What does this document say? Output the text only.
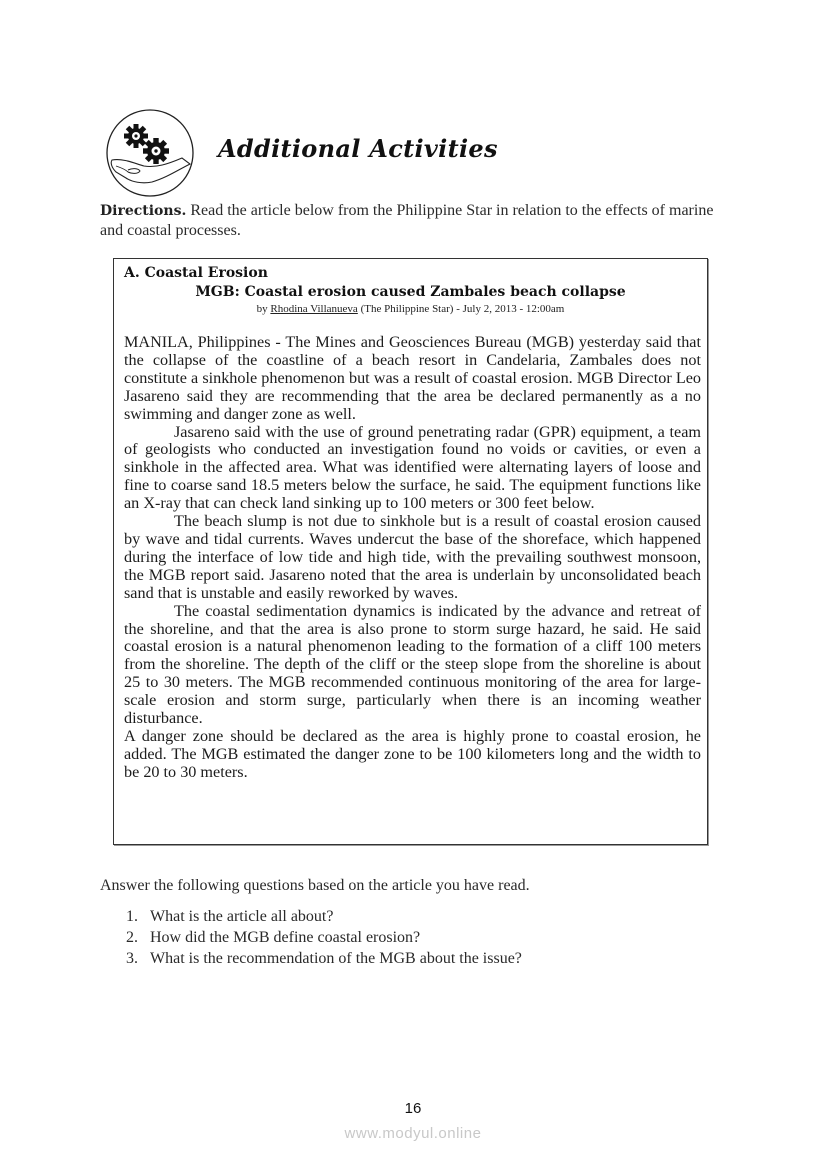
Additional Activities
Directions. Read the article below from the Philippine Star in relation to the effects of marine and coastal processes.
A. Coastal Erosion
MGB: Coastal erosion caused Zambales beach collapse
by Rhodina Villanueva (The Philippine Star) - July 2, 2013 - 12:00am

MANILA, Philippines - The Mines and Geosciences Bureau (MGB) yesterday said that the collapse of the coastline of a beach resort in Candelaria, Zambales does not constitute a sinkhole phenomenon but was a result of coastal erosion. MGB Director Leo Jasareno said they are recommending that the area be declared permanently as a no swimming and danger zone as well.

Jasareno said with the use of ground penetrating radar (GPR) equipment, a team of geologists who conducted an investigation found no voids or cavities, or even a sinkhole in the affected area. What was identified were alternating layers of loose and fine to coarse sand 18.5 meters below the surface, he said. The equipment functions like an X-ray that can check land sinking up to 100 meters or 300 feet below.

The beach slump is not due to sinkhole but is a result of coastal erosion caused by wave and tidal currents. Waves undercut the base of the shoreface, which happened during the interface of low tide and high tide, with the prevailing southwest monsoon, the MGB report said. Jasareno noted that the area is underlain by unconsolidated beach sand that is unstable and easily reworked by waves.

The coastal sedimentation dynamics is indicated by the advance and retreat of the shoreline, and that the area is also prone to storm surge hazard, he said. He said coastal erosion is a natural phenomenon leading to the formation of a cliff 100 meters from the shoreline. The depth of the cliff or the steep slope from the shoreline is about 25 to 30 meters. The MGB recommended continuous monitoring of the area for large-scale erosion and storm surge, particularly when there is an incoming weather disturbance.

A danger zone should be declared as the area is highly prone to coastal erosion, he added. The MGB estimated the danger zone to be 100 kilometers long and the width to be 20 to 30 meters.

Answer the following questions based on the article you have read.
1. What is the article all about?
2. How did the MGB define coastal erosion?
3. What is the recommendation of the MGB about the issue?
16
www.modyul.online
